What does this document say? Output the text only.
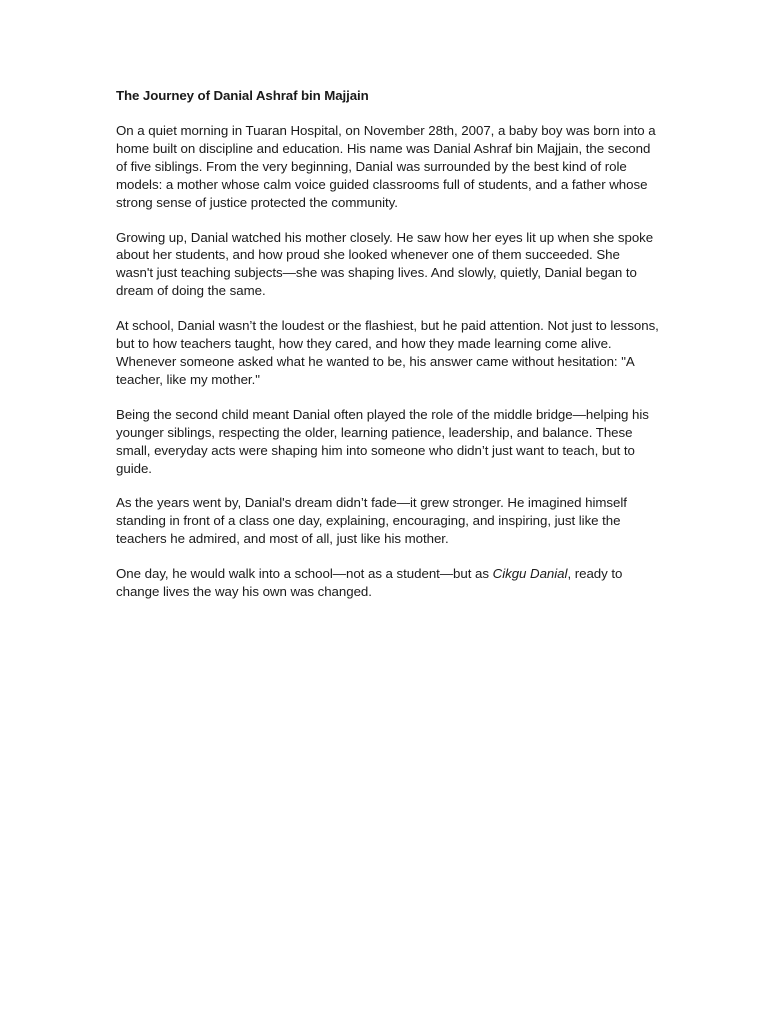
The Journey of Danial Ashraf bin Majjain

On a quiet morning in Tuaran Hospital, on November 28th, 2007, a baby boy was born into a home built on discipline and education. His name was Danial Ashraf bin Majjain, the second of five siblings. From the very beginning, Danial was surrounded by the best kind of role models: a mother whose calm voice guided classrooms full of students, and a father whose strong sense of justice protected the community.

Growing up, Danial watched his mother closely. He saw how her eyes lit up when she spoke about her students, and how proud she looked whenever one of them succeeded. She wasn't just teaching subjects—she was shaping lives. And slowly, quietly, Danial began to dream of doing the same.

At school, Danial wasn’t the loudest or the flashiest, but he paid attention. Not just to lessons, but to how teachers taught, how they cared, and how they made learning come alive. Whenever someone asked what he wanted to be, his answer came without hesitation: "A teacher, like my mother."

Being the second child meant Danial often played the role of the middle bridge—helping his younger siblings, respecting the older, learning patience, leadership, and balance. These small, everyday acts were shaping him into someone who didn’t just want to teach, but to guide.

As the years went by, Danial's dream didn’t fade—it grew stronger. He imagined himself standing in front of a class one day, explaining, encouraging, and inspiring, just like the teachers he admired, and most of all, just like his mother.

One day, he would walk into a school—not as a student—but as Cikgu Danial, ready to change lives the way his own was changed.
